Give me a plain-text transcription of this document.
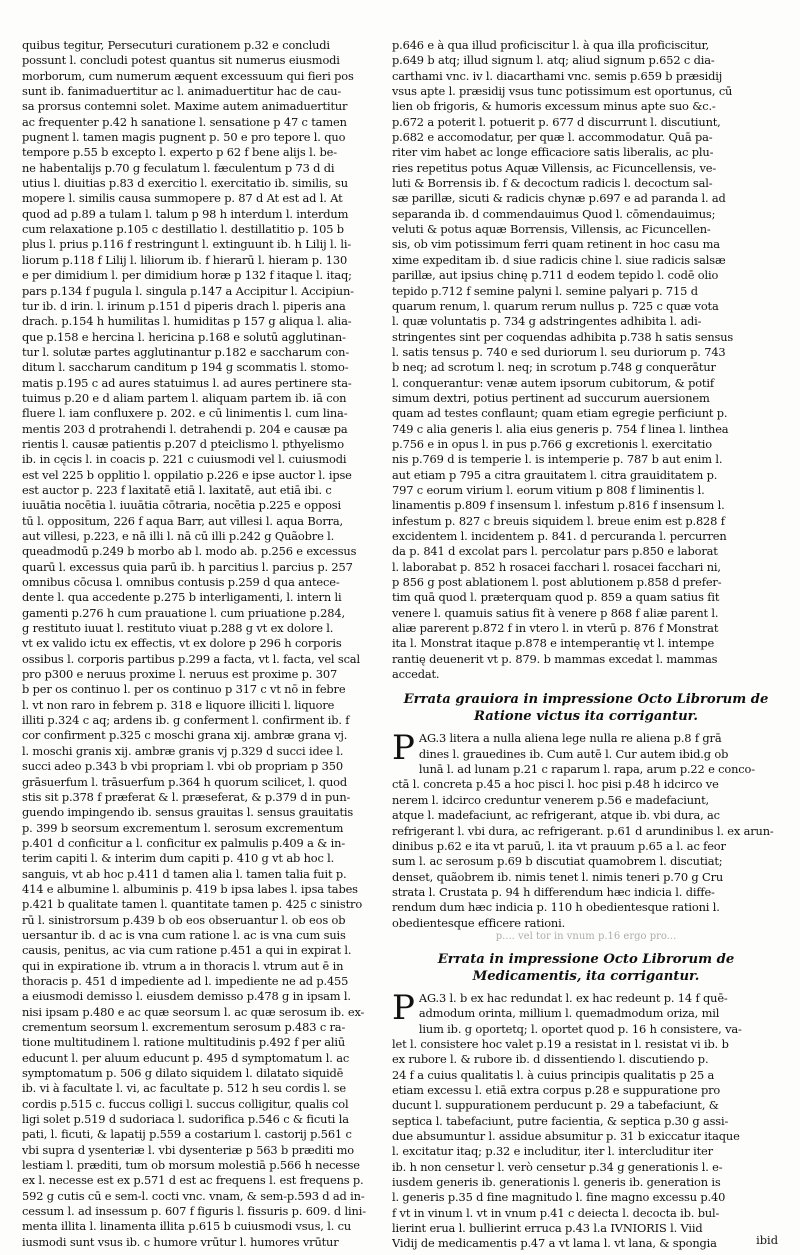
quibus tegitur, Persecuturi curationem p.32 e concludi
possunt l. concludi potest quantus sit numerus eiusmodi
morborum, cum numerum æquent excessuum qui fieri pos
sunt ib. fanimaduertitur ac l. animaduertitur hac de cau-
sa prorsus contemni solet. Maxime autem animaduertitur
ac frequenter p.42 h sanatione l. sensatione p 47 c tamen
pugnent l. tamen magis pugnent p. 50 e pro tepore l. quo
tempore p.55 b excepto l. experto p 62 f bene alijs l. be-
ne habentalijs p.70 g feculatum l. fæculentum p 73 d di
utius l. diuitias p.83 d exercitio l. exercitatio ib. similis, su
mopere l. similis causa summopere p. 87 d At est ad l. At
quod ad p.89 a tulam l. talum p 98 h interdum l. interdum
cum relaxatione p.105 c destillatio l. destillatitio p. 105 b
plus l. prius p.116 f restringunt l. extinguunt ib. h Lilij l. li-
liorum p.118 f Lilij l. liliorum ib. f hierarū l. hieram p. 130
e per dimidium l. per dimidium horæ p 132 f itaque l. itaq;
pars p.134 f pugula l. singula p.147 a Accipitur l. Accipiun-
tur ib. d irin. l. irinum p.151 d piperis drach l. piperis ana
drach. p.154 h humilitas l. humiditas p 157 g aliqua l. alia-
que p.158 e hercina l. hericina p.168 e solutū agglutinan-
tur l. solutæ partes agglutinantur p.182 e saccharum con-
ditum l. saccharum canditum p 194 g scommatis l. stomo-
matis p.195 c ad aures statuimus l. ad aures pertinere sta-
tuimus p.20 e d aliam partem l. aliquam partem ib. iā con
fluere l. iam confluxere p. 202. e cū linimentis l. cum lina-
mentis 203 d protrahendi l. detrahendi p. 204 e causæ pa
rientis l. causæ patientis p.207 d pteiclismo l. pthyelismo
ib. in cęcis l. in coacis p. 221 c cuiusmodi vel l. cuiusmodi
est vel 225 b opplitio l. oppilatio p.226 e ipse auctor l. ipse
est auctor p. 223 f laxitatē etiā l. laxitatē, aut etiā ibi. c
iuuātia nocētia l. iuuātia cōtraria, nocētia p.225 e opposi
tū l. oppositum, 226 f aqua Barr, aut villesi l. aqua Borra,
aut villesi, p.223, e nā illi l. nā cū illi p.242 g Quãobre l.
queadmodū p.249 b morbo ab l. modo ab. p.256 e excessus
quarū l. excessus quia parū ib. h parcitius l. parcius p. 257
omnibus cōcusa l. omnibus contusis p.259 d qua antece-
dente l. qua accedente p.275 b interligamenti, l. intern li
gamenti p.276 h cum prauatione l. cum priuatione p.284,
g restituto iuuat l. restituto viuat p.288 g vt ex dolore l.
vt ex valido ictu ex effectis, vt ex dolore p 296 h corporis
ossibus l. corporis partibus p.299 a facta, vt l. facta, vel scal
pro p300 e neruus proxime l. neruus est proxime p. 307
b per os continuo l. per os continuo p 317 c vt nō in febre
l. vt non raro in febrem p. 318 e liquore illiciti l. liquore
illiti p.324 c aq; ardens ib. g conferment l. confirment ib. f
cor confirment p.325 c moschi grana xij. ambræ grana vj.
l. moschi granis xij. ambræ granis vj p.329 d succi idee l.
succi adeo p.343 b vbi propriam l. vbi ob propriam p 350
grāsuerfum l. trāsuerfum p.364 h quorum scilicet, l. quod
stis sit p.378 f præferat & l. præseferat, & p.379 d in pun-
guendo impingendo ib. sensus grauitas l. sensus grauitatis
p. 399 b seorsum excrementum l. serosum excrementum
p.401 d conficitur a l. conficitur ex palmulis p.409 a & in-
terim capiti l. & interim dum capiti p. 410 g vt ab hoc l.
sanguis, vt ab hoc p.411 d tamen alia l. tamen talia fuit p.
414 e albumine l. albuminis p. 419 b ipsa labes l. ipsa tabes
p.421 b qualitate tamen l. quantitate tamen p. 425 c sinistro
rū l. sinistrorsum p.439 b ob eos obseruantur l. ob eos ob
uersantur ib. d ac is vna cum ratione l. ac is vna cum suis
causis, penitus, ac via cum ratione p.451 a qui in expirat l.
qui in expiratione ib. vtrum a in thoracis l. vtrum aut ē in
thoracis p. 451 d impediente ad l. impediente ne ad p.455
a eiusmodi demisso l. eiusdem demisso p.478 g in ipsam l.
nisi ipsam p.480 e ac quæ seorsum l. ac quæ serosum ib. ex-
crementum seorsum l. excrementum serosum p.483 c ra-
tione multitudinem l. ratione multitudinis p.492 f per aliū
educunt l. per aluum educunt p. 495 d symptomatum l. ac
symptomatum p. 506 g dilato siquidem l. dilatato siquidē
ib. vi à facultate l. vi, ac facultate p. 512 h seu cordis l. se
cordis p.515 c. fuccus colligi l. succus colligitur, qualis col
ligi solet p.519 d sudoriaca l. sudorifica p.546 c & ficuti la
pati, l. ficuti, & lapatij p.559 a costarium l. castorij p.561 c
vbi supra d ysenteriæ l. vbi dysenteriæ p 563 b præditi mo
lestiam l. præditi, tum ob morsum molestiā p.566 h necesse
ex l. necesse est ex p.571 d est ac frequens l. est frequens p.
592 g cutis cū e sem-l. cocti vnc. vnam, & sem-p.593 d ad in-
cessum l. ad insessum p. 607 f figuris l. fissuris p. 609. d lini-
menta illita l. linamenta illita p.615 b cuiusmodi vsus, l. cu
iusmodi sunt vsus ib. c humore vrūtur l. humores vrūtur
p.646 e à qua illud proficiscitur l. à qua illa proficiscitur,
p.649 b atq; illud signum l. atq; aliud signum p.652 c dia-
carthami vnc. iv l. diacarthami vnc. semis p.659 b præsidij
vsus apte l. præsidij vsus tunc potissimum est oportunus, cū
lien ob frigoris, & humoris excessum minus apte suo &c.-
p.672 a poterit l. potuerit p. 677 d discurrunt l. discutiunt,
p.682 e accomodatur, per quæ l. accommodatur. Quā pa-
riter vim habet ac longe efficaciore satis liberalis, ac plu-
ries repetitus potus Aquæ Villensis, ac Ficuncellensis, ve-
luti & Borrensis ib. f & decoctum radicis l. decoctum sal-
sæ parillæ, sicuti & radicis chynæ p.697 e ad paranda l. ad
separanda ib. d commendauimus Quod l. cōmendauimus;
veluti & potus aquæ Borrensis, Villensis, ac Ficuncellen-
sis, ob vim potissimum ferri quam retinent in hoc casu ma
xime expeditam ib. d siue radicis chine l. siue radicis salsæ
parillæ, aut ipsius chinę p.711 d eodem tepido l. codē olio
tepido p.712 f semine palyni l. semine palyari p. 715 d
quarum renum, l. quarum rerum nullus p. 725 c quæ vota
l. quæ voluntatis p. 734 g adstringentes adhibita l. adi-
stringentes sint per coquendas adhibita p.738 h satis sensus
l. satis tensus p. 740 e sed duriorum l. seu duriorum p. 743
b neq; ad scrotum l. neq; in scrotum p.748 g conquerātur
l. conquerantur: venæ autem ipsorum cubitorum, & potif
simum dextri, potius pertinent ad succurum auersionem
quam ad testes conflaunt; quam etiam egregie perficiunt p.
749 c alia generis l. alia eius generis p. 754 f linea l. linthea
p.756 e in opus l. in pus p.766 g excretionis l. exercitatio
nis p.769 d is temperie l. is intemperie p. 787 b aut enim l.
aut etiam p 795 a citra grauitatem l. citra grauiditatem p.
797 c eorum virium l. eorum vitium p 808 f liminentis l.
linamentis p.809 f insensum l. infestum p.816 f insensum l.
infestum p. 827 c breuis siquidem l. breue enim est p.828 f
excidentem l. incidentem p. 841. d percuranda l. percurren
da p. 841 d excolat pars l. percolatur pars p.850 e laborat
l. laborabat p. 852 h rosacei facchari l. rosacei facchari ni,
p 856 g post ablationem l. post ablutionem p.858 d prefer-
tim quā quod l. præterquam quod p. 859 a quam satius fit
venere l. quamuis satius fit à venere p 868 f aliæ parent l.
aliæ parerent p.872 f in vtero l. in vterū p. 876 f Monstrat
ita l. Monstrat itaque p.878 e intemperantię vt l. intempe
rantię deuenerit vt p. 879. b mammas excedat l. mammas
accedat.
Errata grauiora in impressione Octo Librorum de Ratione victus ita corrigantur.
P AG.3 litera a nulla aliena lege nulla re aliena p.8 f grā
dines l. grauedines ib. Cum autē l. Cur autem ibid.g ob
lunā l. ad lunam p.21 c raparum l. rapa, arum p.22 e conco-
ctā l. concreta p.45 a hoc pisci l. hoc pisi p.48 h idcirco ve
nerem l. idcirco creduntur venerem p.56 e madefaciunt,
atque l. madefaciunt, ac refrigerant, atque ib. vbi dura, ac
refrigerant l. vbi dura, ac refrigerant. p.61 d arundinibus l. ex arun-
dinibus p.62 e ita vt paruū, l. ita vt prauum p.65 a l. ac feor
sum l. ac serosum p.69 b discutiat quamobrem l. discutiat;
denset, quãobrem ib. nimis tenet l. nimis teneri p.70 g Cru
strata l. Crustata p. 94 h differendum hæc indicia l. diffe-
rendum dum hæc indicia p. 110 h obedientesque rationi l.
obedientesque efficere rationi.
p.... vel tor in vnum p.16 ergo pro...
Errata in impressione Octo Librorum de Medicamentis, ita corrigantur.
P AG.3 l. b ex hac redundat l. ex hac redeunt p. 14 f quē-
admodum orinta, millium l. quemadmodum oriza, mil
lium ib. g oportetq; l. oportet quod p. 16 h consistere, va-
let l. consistere hoc valet p.19 a resistat in l. resistat vi ib. b
ex rubore l. & rubore ib. d dissentiendo l. discutiendo p.
24 f a cuius qualitatis l. à cuius principis qualitatis p 25 a
etiam excessu l. etiā extra corpus p.28 e suppuratione pro
ducunt l. suppurationem perducunt p. 29 a tabefaciunt, &
septica l. tabefaciunt, putre facientia, & septica p.30 g assi-
due absumuntur l. assidue absumitur p. 31 b exiccatur itaque
l. excitatur itaq; p.32 e includitur, iter l. intercluditur iter
ib. h non censetur l. verò censetur p.34 g generationis l. e-
iusdem generis ib. generationis l. generis ib. generation is
l. generis p.35 d fine magnitudo l. fine magno excessu p.40
f vt in vinum l. vt in vnum p.41 c deiecta l. decocta ib. bul-
lierint erua l. bullierint erruca p.43 l.a IVNIORIS l. Viid
Vidij de medicamentis p.47 a vt lama l. vt lana, & spongia	ibid
